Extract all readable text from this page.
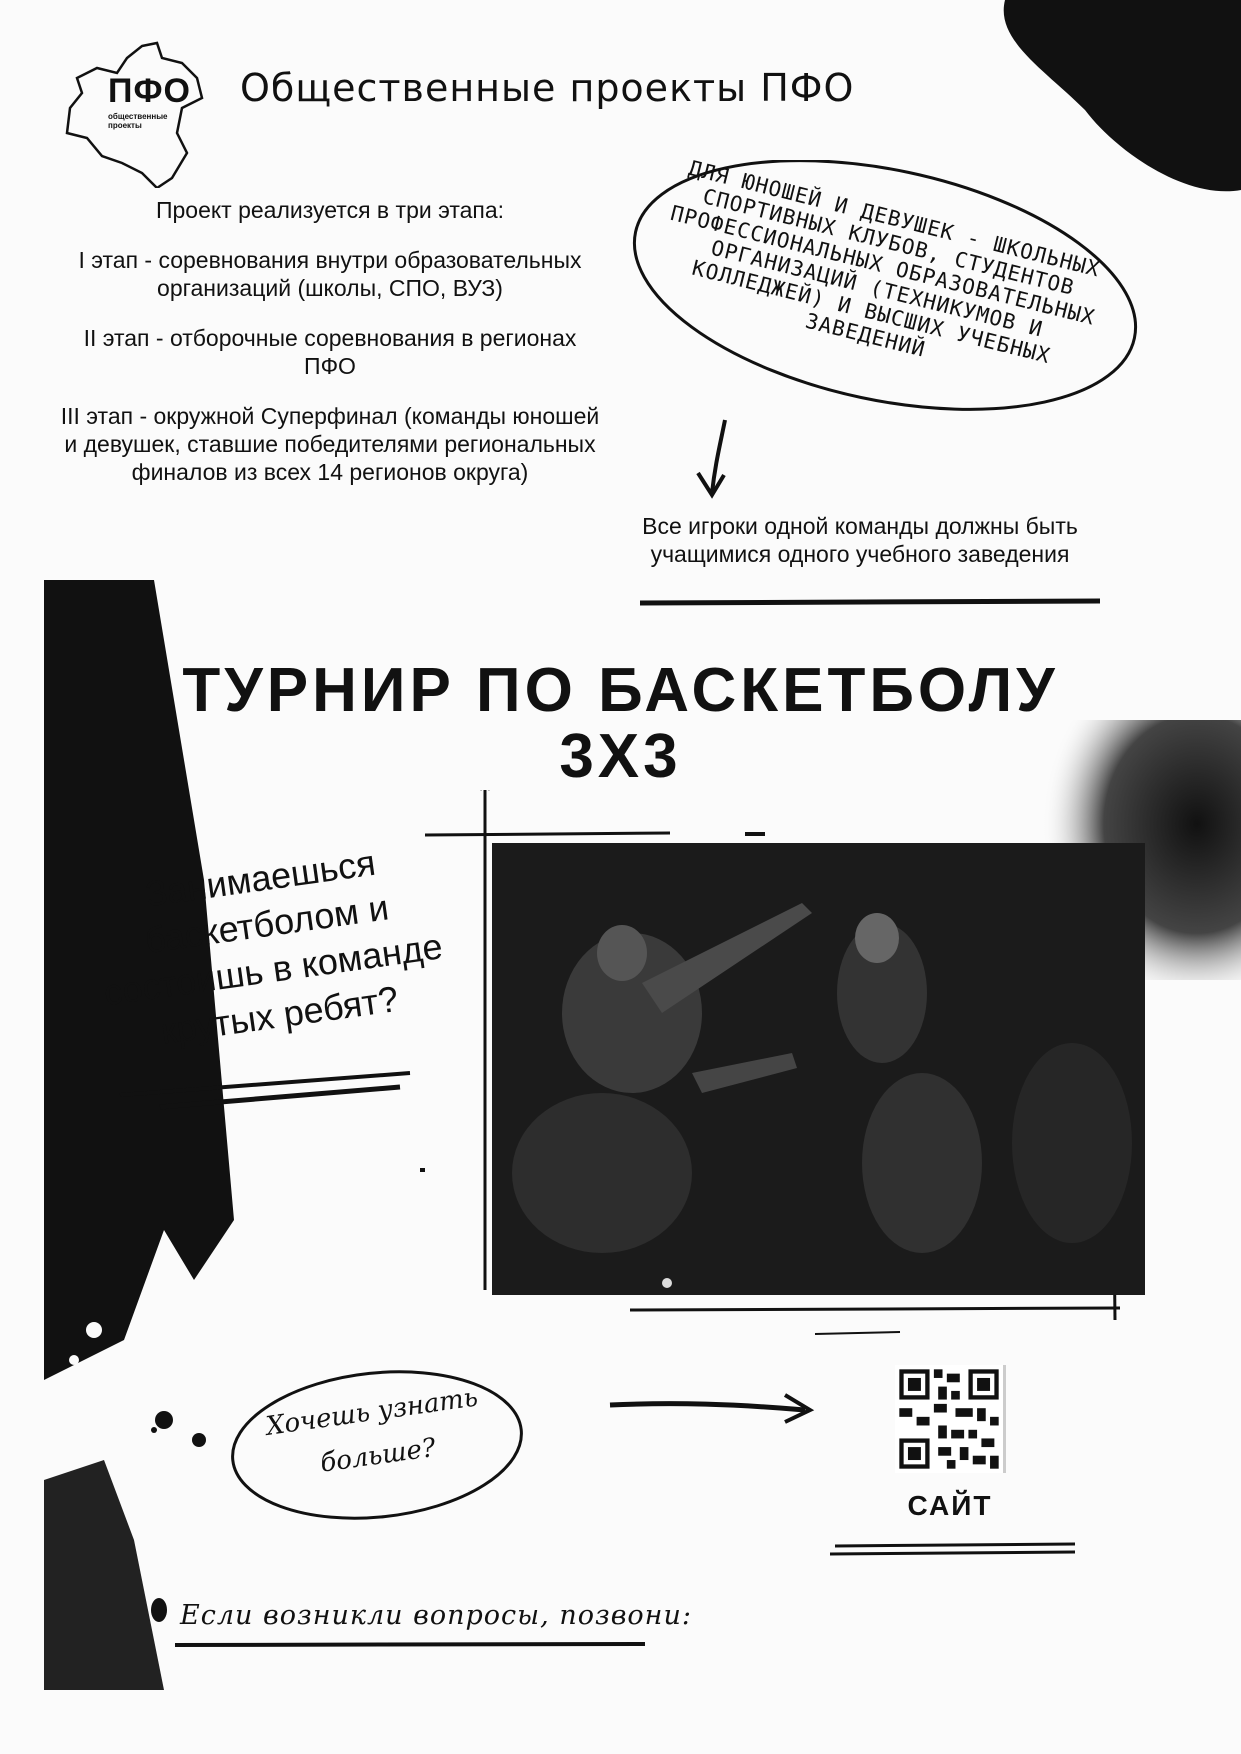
ПФО
общественные проекты
Общественные проекты ПФО

Проект реализуется в три этапа:

I этап - соревнования внутри образовательных организаций (школы, СПО, ВУЗ)

II этап - отборочные соревнования в регионах ПФО

III этап - окружной Суперфинал (команды юношей и девушек, ставшие победителями региональных финалов из всех 14 регионов округа)

ДЛЯ ЮНОШЕЙ И ДЕВУШЕК - ШКОЛЬНЫХ СПОРТИВНЫХ КЛУБОВ, СТУДЕНТОВ ПРОФЕССИОНАЛЬНЫХ ОБРАЗОВАТЕЛЬНЫХ ОРГАНИЗАЦИЙ (ТЕХНИКУМОВ И КОЛЛЕДЖЕЙ) И ВЫСШИХ УЧЕБНЫХ ЗАВЕДЕНИЙ
Все игроки одной команды должны быть учащимися одного учебного заведения
ТУРНИР ПО БАСКЕТБОЛУ
3Х3
Занимаешься баскетболом и состоишь в команде крутых ребят?
Хочешь узнать больше?
САЙТ
Если возникли вопросы, позвони:
